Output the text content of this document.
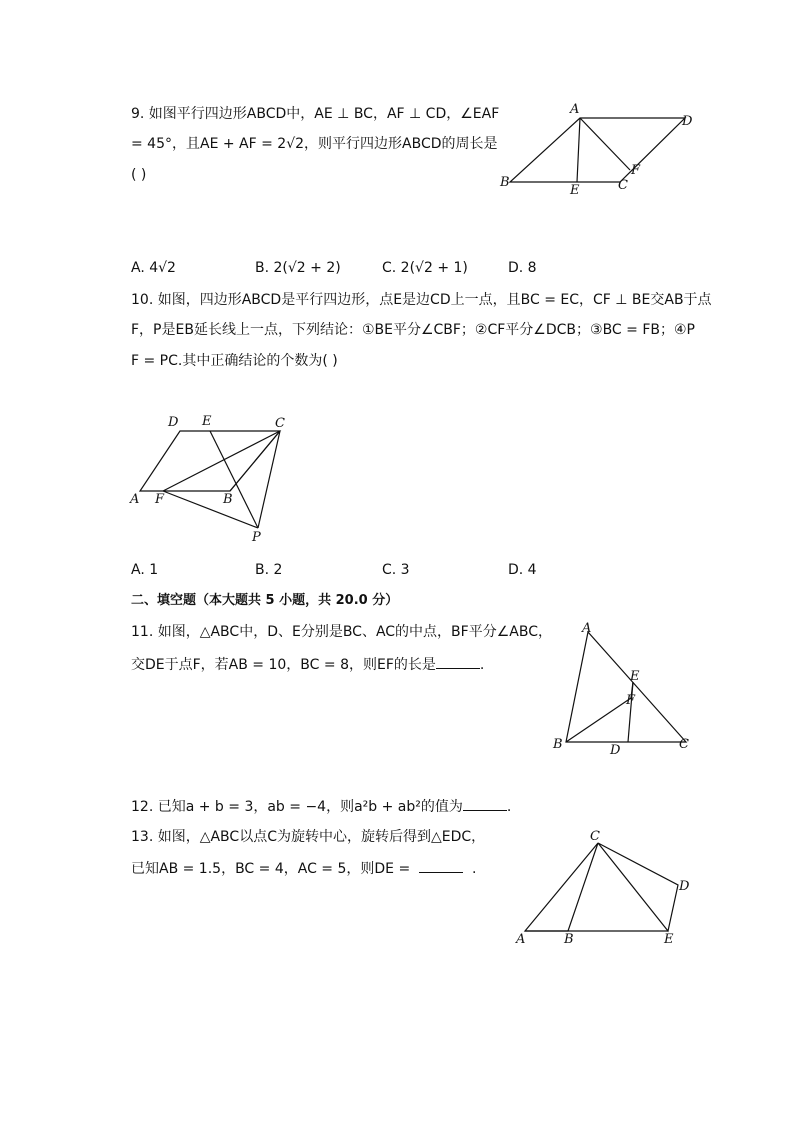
9. 如图平行四边形ABCD中，AE ⊥ BC，AF ⊥ CD，∠EAF
= 45°，且AE + AF = 2√2，则平行四边形ABCD的周长是
( )
A
D
B
E	C
F
A. 4√2	B. 2(√2 + 2)	C. 2(√2 + 1)	D. 8
10. 如图，四边形ABCD是平行四边形，点E是边CD上一点，且BC = EC，CF ⊥ BE交AB于点
F，P是EB延长线上一点，下列结论：①BE平分∠CBF；②CF平分∠DCB；③BC = FB；④P
F = PC.其中正确结论的个数为( )
D E	C
A F	B
P
A. 1	B. 2	C. 3	D. 4
二、填空题（本大题共 5 小题，共 20.0 分）
11. 如图，△ABC中，D、E分别是BC、AC的中点，BF平分∠ABC，
交DE于点F，若AB = 10，BC = 8，则EF的长是	.
A
E
F
B	D	C
12. 已知a + b = 3，ab = −4，则a²b + ab²的值为	.
13. 如图，△ABC以点C为旋转中心，旋转后得到△EDC，
已知AB = 1.5，BC = 4，AC = 5，则DE =	.
C
D
A	B	E
